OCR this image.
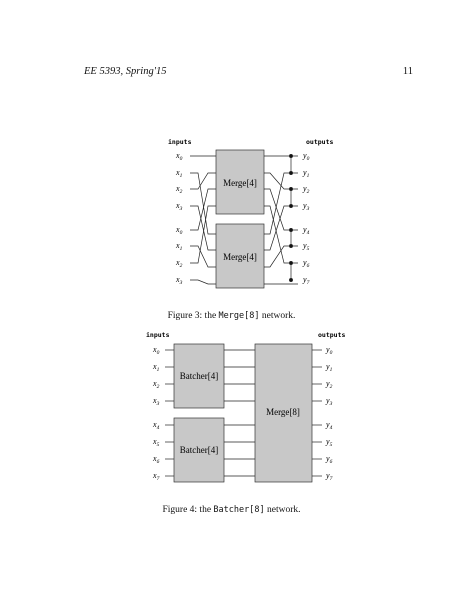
EE 5393, Spring'15	11
inputs	outputs
$x_0$
$x_1$
$x_2$
$x_3$
$x_0$
$x_1$
$x_2$
$x_3$
Merge[4]
Merge[4]
$y_0$
$y_1$
$y_2$
$y_3$
$y_4$
$y_5$
$y_6$
$y_7$
Figure 3: the Merge[8] network.
inputs	outputs
$x_0$
$x_1$
$x_2$
$x_3$
$x_4$
$x_5$
$x_6$
$x_7$
Batcher[4]
Batcher[4]
Merge[8]
$y_0$
$y_1$
$y_2$
$y_3$
$y_4$
$y_5$
$y_6$
$y_7$
Figure 4: the Batcher[8] network.
